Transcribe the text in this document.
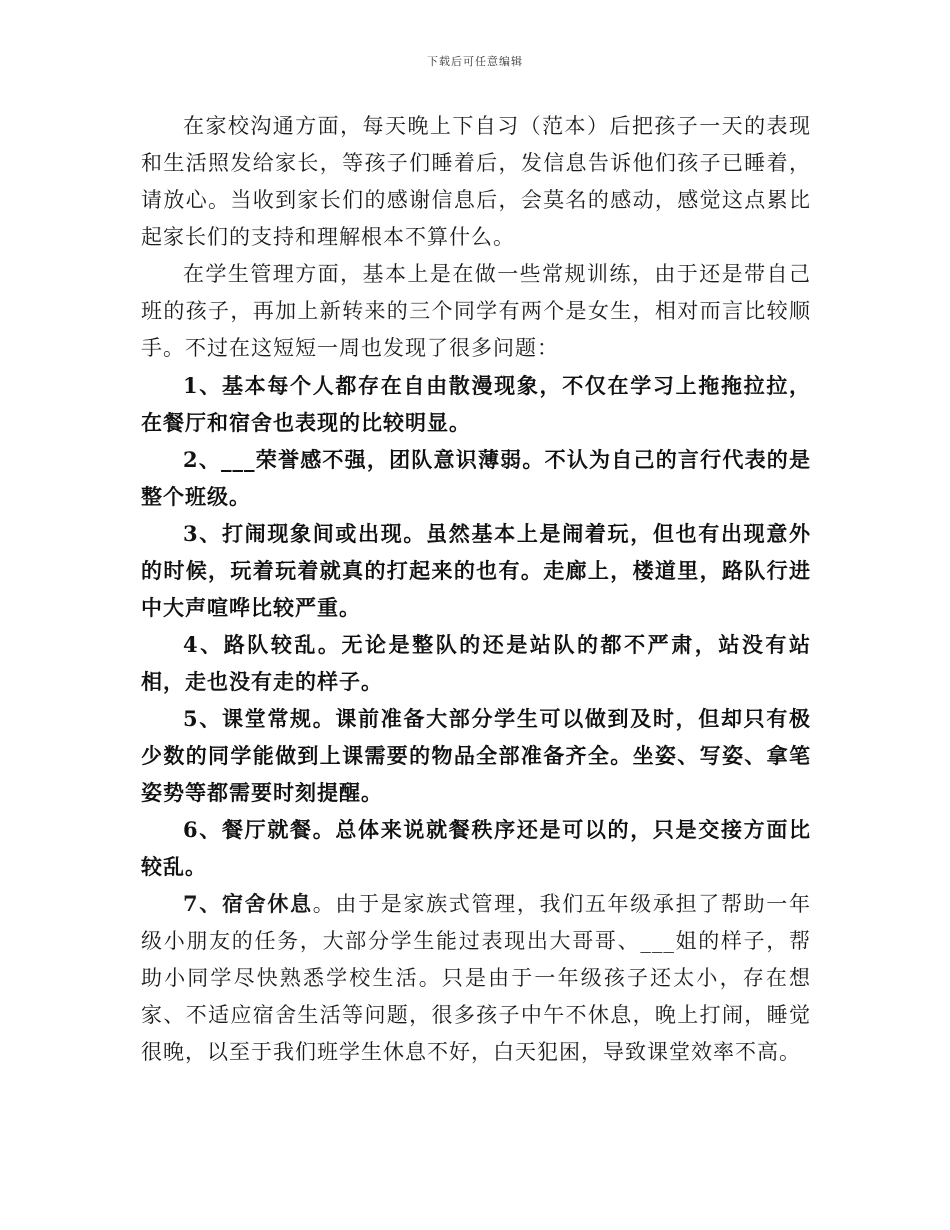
下载后可任意编辑

在家校沟通方面，每天晚上下自习（范本）后把孩子一天的表现和生活照发给家长，等孩子们睡着后，发信息告诉他们孩子已睡着，请放心。当收到家长们的感谢信息后，会莫名的感动，感觉这点累比起家长们的支持和理解根本不算什么。

在学生管理方面，基本上是在做一些常规训练，由于还是带自己班的孩子，再加上新转来的三个同学有两个是女生，相对而言比较顺手。不过在这短短一周也发现了很多问题：

1、基本每个人都存在自由散漫现象，不仅在学习上拖拖拉拉，在餐厅和宿舍也表现的比较明显。

2、___荣誉感不强，团队意识薄弱。不认为自己的言行代表的是整个班级。

3、打闹现象间或出现。虽然基本上是闹着玩，但也有出现意外的时候，玩着玩着就真的打起来的也有。走廊上，楼道里，路队行进中大声喧哗比较严重。

4、路队较乱。无论是整队的还是站队的都不严肃，站没有站相，走也没有走的样子。

5、课堂常规。课前准备大部分学生可以做到及时，但却只有极少数的同学能做到上课需要的物品全部准备齐全。坐姿、写姿、拿笔姿势等都需要时刻提醒。

6、餐厅就餐。总体来说就餐秩序还是可以的，只是交接方面比较乱。

7、宿舍休息。由于是家族式管理，我们五年级承担了帮助一年级小朋友的任务，大部分学生能过表现出大哥哥、___姐的样子，帮助小同学尽快熟悉学校生活。只是由于一年级孩子还太小，存在想家、不适应宿舍生活等问题，很多孩子中午不休息，晚上打闹，睡觉很晚，以至于我们班学生休息不好，白天犯困，导致课堂效率不高。
